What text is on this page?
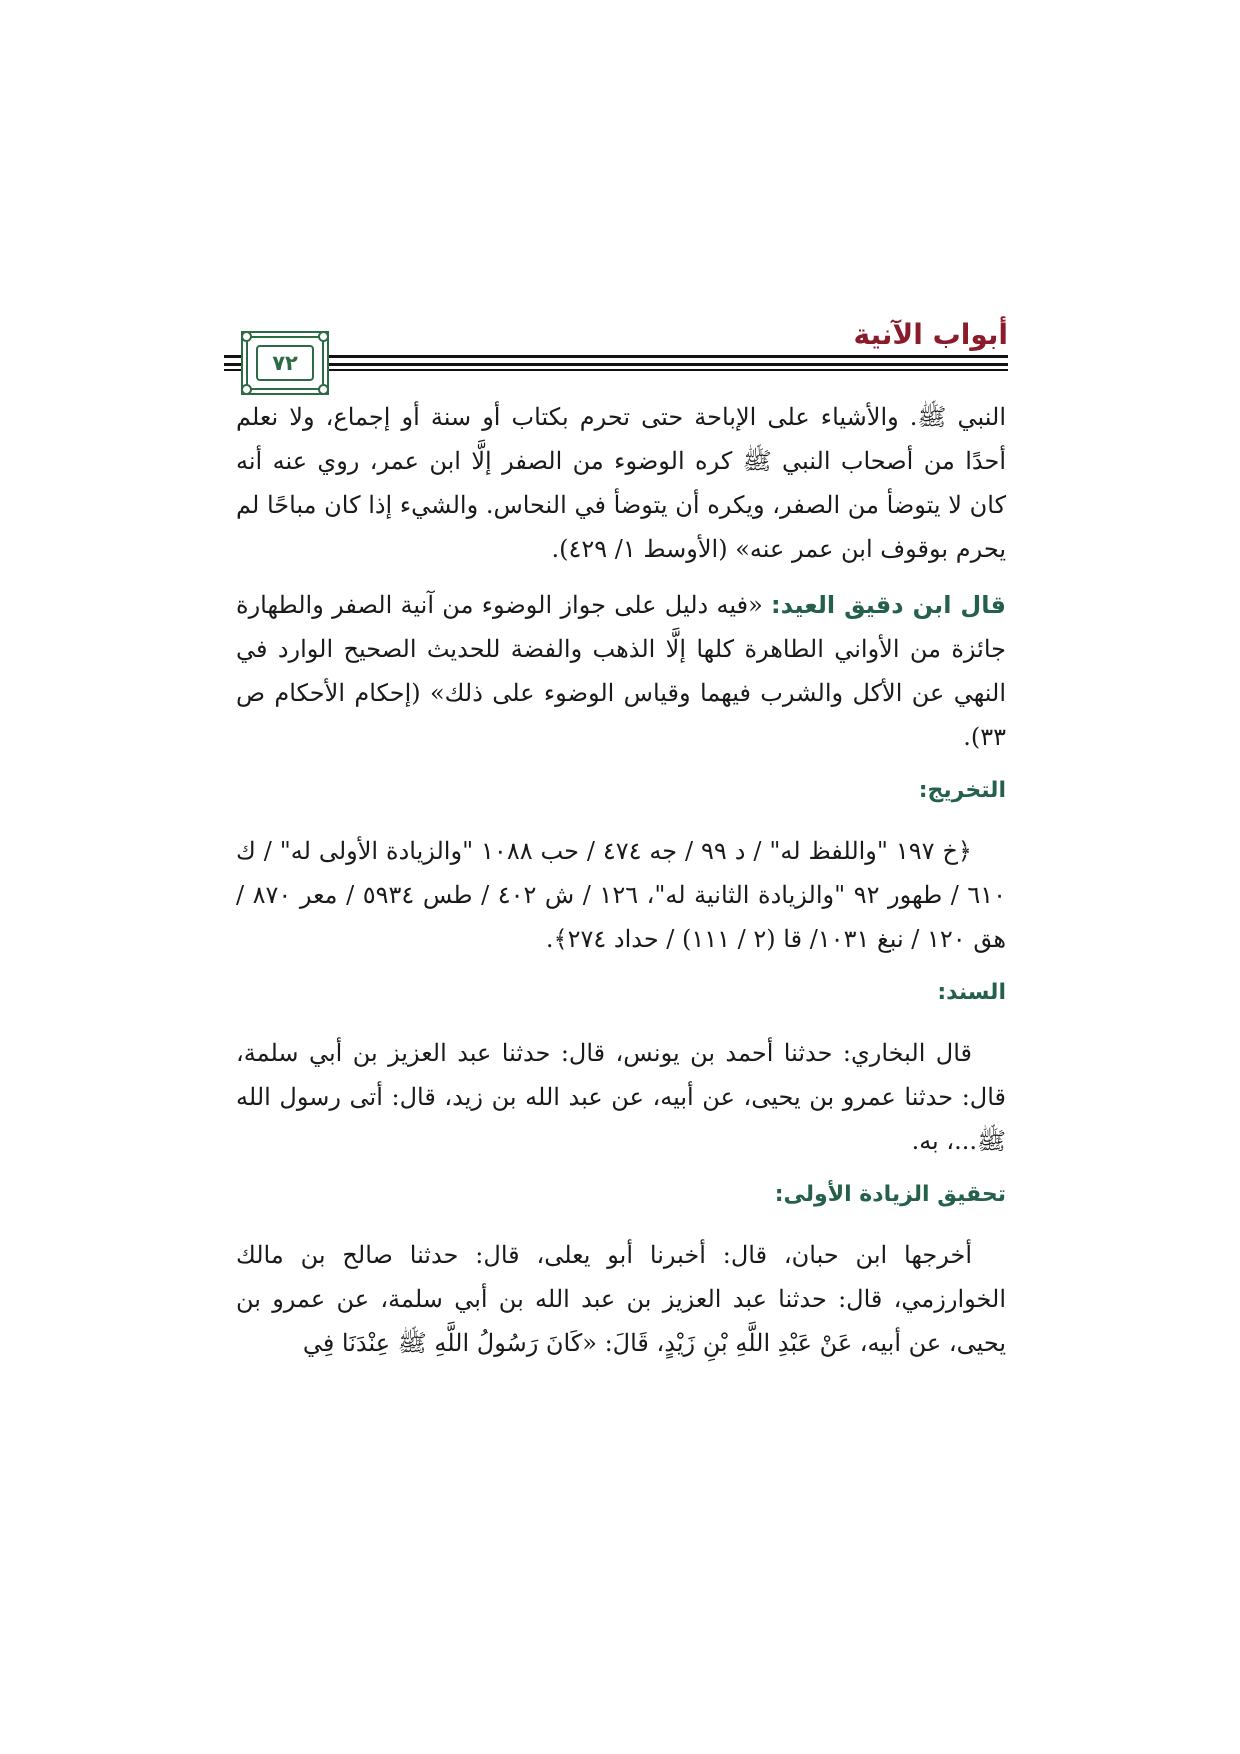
أبواب الآنية
٧٢

النبي ﷺ. والأشياء على الإباحة حتى تحرم بكتاب أو سنة أو إجماع، ولا نعلم أحدًا من أصحاب النبي ﷺ كره الوضوء من الصفر إلَّا ابن عمر، روي عنه أنه كان لا يتوضأ من الصفر، ويكره أن يتوضأ في النحاس. والشيء إذا كان مباحًا لم يحرم بوقوف ابن عمر عنه» (الأوسط ١/ ٤٢٩).

قال ابن دقيق العيد: «فيه دليل على جواز الوضوء من آنية الصفر والطهارة جائزة من الأواني الطاهرة كلها إلَّا الذهب والفضة للحديث الصحيح الوارد في النهي عن الأكل والشرب فيهما وقياس الوضوء على ذلك» (إحكام الأحكام ص ٣٣).

التخريج:

﴿خ ١٩٧ "واللفظ له" / د ٩٩ / جه ٤٧٤ / حب ١٠٨٨ "والزيادة الأولى له" / ك ٦١٠ / طهور ٩٢ "والزيادة الثانية له"، ١٢٦ / ش ٤٠٢ / طس ٥٩٣٤ / معر ٨٧٠ / هق ١٢٠ / نبغ ١٠٣١/ قا (٢ / ١١١) / حداد ٢٧٤﴾.

السند:

قال البخاري: حدثنا أحمد بن يونس، قال: حدثنا عبد العزيز بن أبي سلمة، قال: حدثنا عمرو بن يحيى، عن أبيه، عن عبد الله بن زيد، قال: أتى رسول الله ﷺ...، به.

تحقيق الزيادة الأولى:

أخرجها ابن حبان، قال: أخبرنا أبو يعلى، قال: حدثنا صالح بن مالك الخوارزمي، قال: حدثنا عبد العزيز بن عبد الله بن أبي سلمة، عن عمرو بن يحيى، عن أبيه، عَنْ عَبْدِ اللَّهِ بْنِ زَيْدٍ، قَالَ: «كَانَ رَسُولُ اللَّهِ ﷺ عِنْدَنَا فِي
